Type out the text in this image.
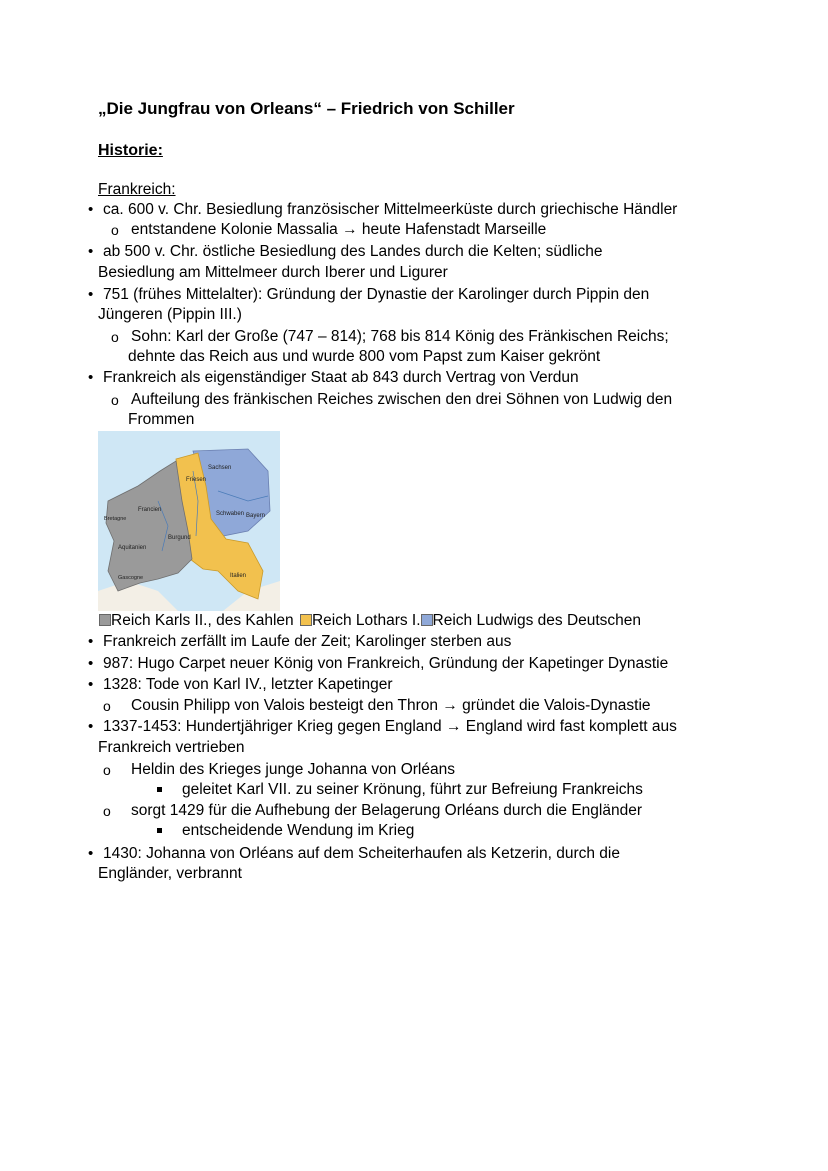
„Die Jungfrau von Orleans“ – Friedrich von Schiller
Historie:
Frankreich:
• ca. 600 v. Chr. Besiedlung französischer Mittelmeerküste durch griechische Händler
o entstandene Kolonie Massalia → heute Hafenstadt Marseille
• ab 500 v. Chr. östliche Besiedlung des Landes durch die Kelten; südliche
Besiedlung am Mittelmeer durch Iberer und Ligurer
• 751 (frühes Mittelalter): Gründung der Dynastie der Karolinger durch Pippin den
Jüngeren (Pippin III.)
o Sohn: Karl der Große (747 – 814); 768 bis 814 König des Fränkischen Reichs;
dehnte das Reich aus und wurde 800 vom Papst zum Kaiser gekrönt
• Frankreich als eigenständiger Staat ab 843 durch Vertrag von Verdun
o Aufteilung des fränkischen Reiches zwischen den drei Söhnen von Ludwig den
Frommen
Sachsen
Friesen
Schwaben Bayern
Bretagne
Francien
Burgund
Aquitanien
Gascogne	Italien
Reich Karls II., des Kahlen Reich Lothars I. Reich Ludwigs des Deutschen
• Frankreich zerfällt im Laufe der Zeit; Karolinger sterben aus
• 987: Hugo Carpet neuer König von Frankreich, Gründung der Kapetinger Dynastie
• 1328: Tode von Karl IV., letzter Kapetinger
o Cousin Philipp von Valois besteigt den Thron → gründet die Valois-Dynastie
• 1337-1453: Hundertjähriger Krieg gegen England → England wird fast komplett aus
Frankreich vertrieben
o Heldin des Krieges junge Johanna von Orléans
geleitet Karl VII. zu seiner Krönung, führt zur Befreiung Frankreichs
o sorgt 1429 für die Aufhebung der Belagerung Orléans durch die Engländer
entscheidende Wendung im Krieg
• 1430: Johanna von Orléans auf dem Scheiterhaufen als Ketzerin, durch die
Engländer, verbrannt
